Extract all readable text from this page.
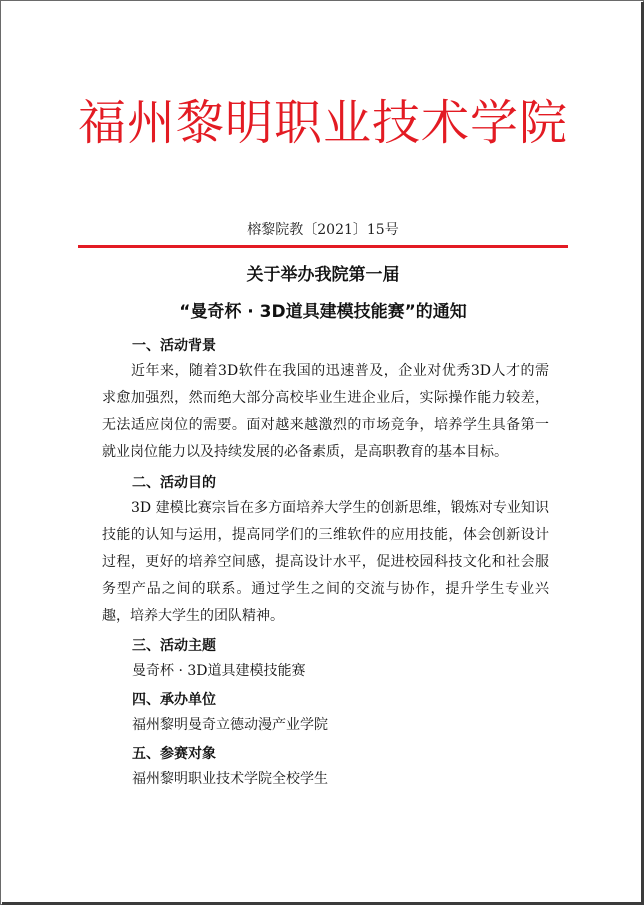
福州黎明职业技术学院
榕黎院教〔2021〕15号
关于举办我院第一届
“曼奇杯 · 3D道具建模技能赛”的通知
一、活动背景

近年来，随着3D软件在我国的迅速普及，企业对优秀3D人才的需求愈加强烈，然而绝大部分高校毕业生进企业后，实际操作能力较差，无法适应岗位的需要。面对越来越激烈的市场竞争，培养学生具备第一就业岗位能力以及持续发展的必备素质，是高职教育的基本目标。

二、活动目的

3D 建模比赛宗旨在多方面培养大学生的创新思维，锻炼对专业知识技能的认知与运用，提高同学们的三维软件的应用技能，体会创新设计过程，更好的培养空间感，提高设计水平，促进校园科技文化和社会服务型产品之间的联系。通过学生之间的交流与协作，提升学生专业兴趣，培养大学生的团队精神。

三、活动主题

曼奇杯 · 3D道具建模技能赛

四、承办单位

福州黎明曼奇立德动漫产业学院

五、参赛对象

福州黎明职业技术学院全校学生
